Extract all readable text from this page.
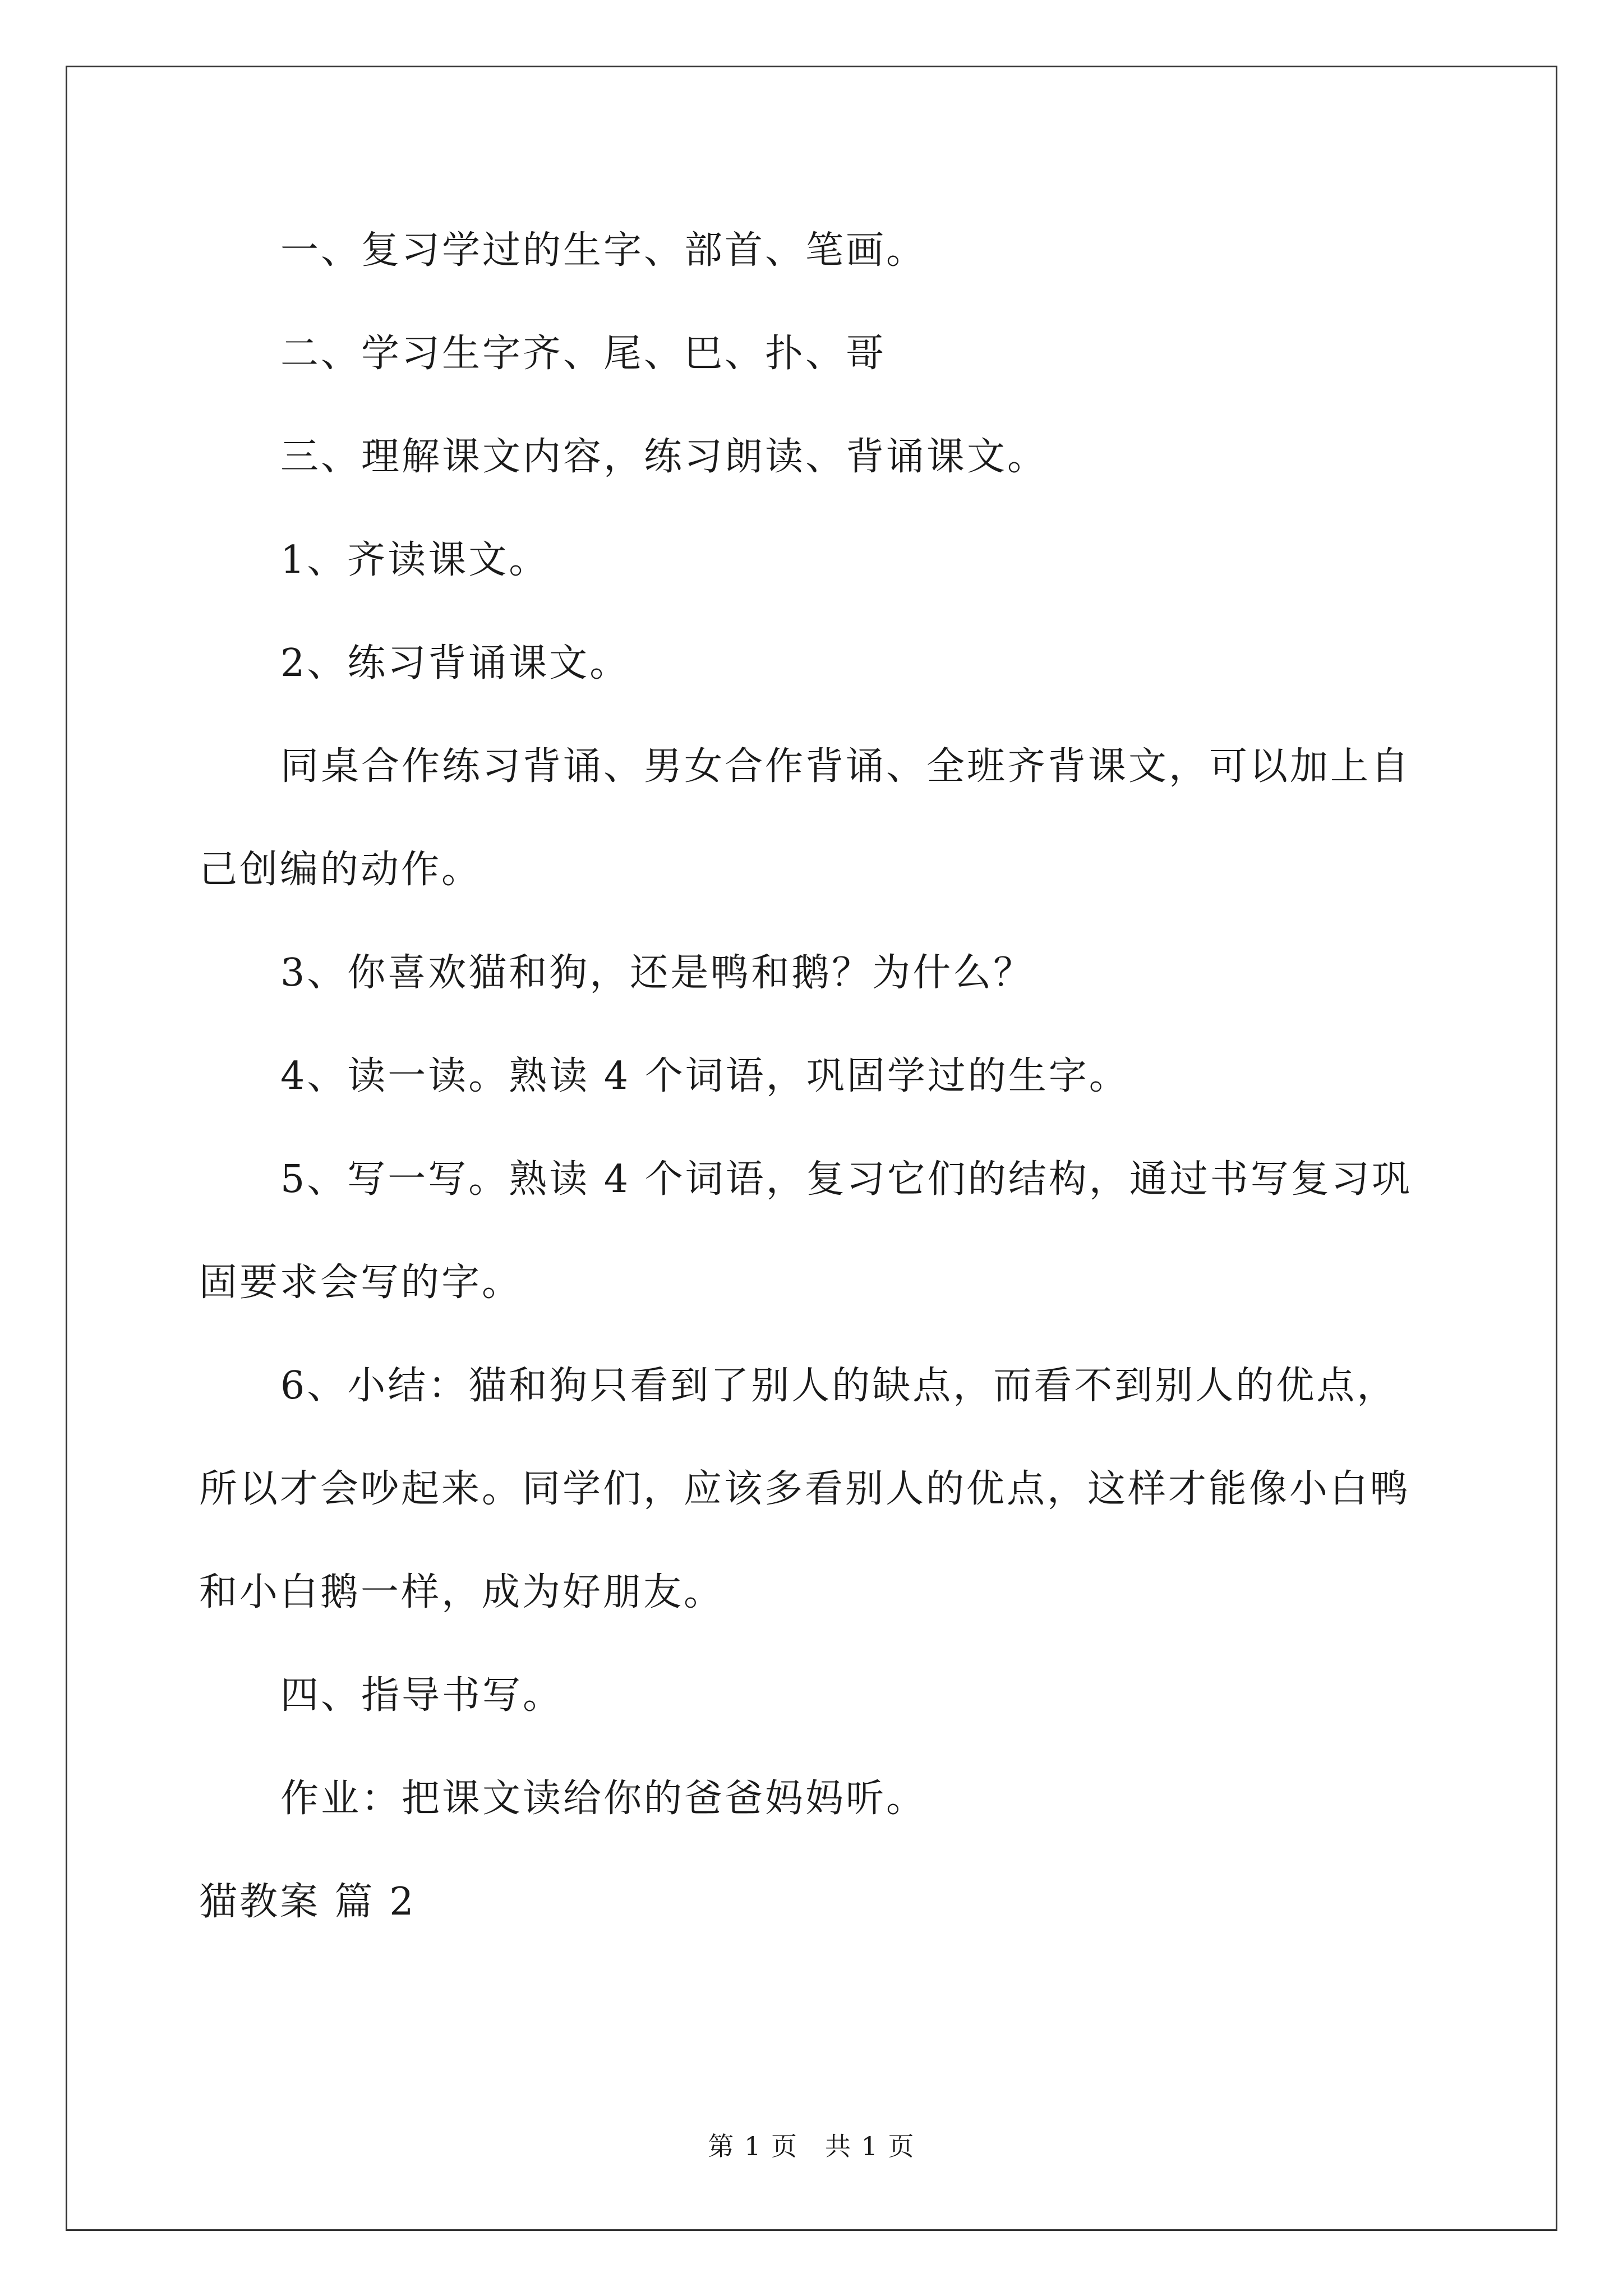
一、复习学过的生字、部首、笔画。

二、学习生字齐、尾、巴、扑、哥

三、理解课文内容，练习朗读、背诵课文。

1、齐读课文。

2、练习背诵课文。

同桌合作练习背诵、男女合作背诵、全班齐背课文，可以加上自己创编的动作。

3、你喜欢猫和狗，还是鸭和鹅？为什么？

4、读一读。熟读 4 个词语，巩固学过的生字。

5、写一写。熟读 4 个词语，复习它们的结构，通过书写复习巩固要求会写的字。

6、小结：猫和狗只看到了别人的缺点，而看不到别人的优点，所以才会吵起来。同学们，应该多看别人的优点，这样才能像小白鸭和小白鹅一样，成为好朋友。

四、指导书写。

作业：把课文读给你的爸爸妈妈听。

猫教案 篇 2

第 1 页　共 1 页
